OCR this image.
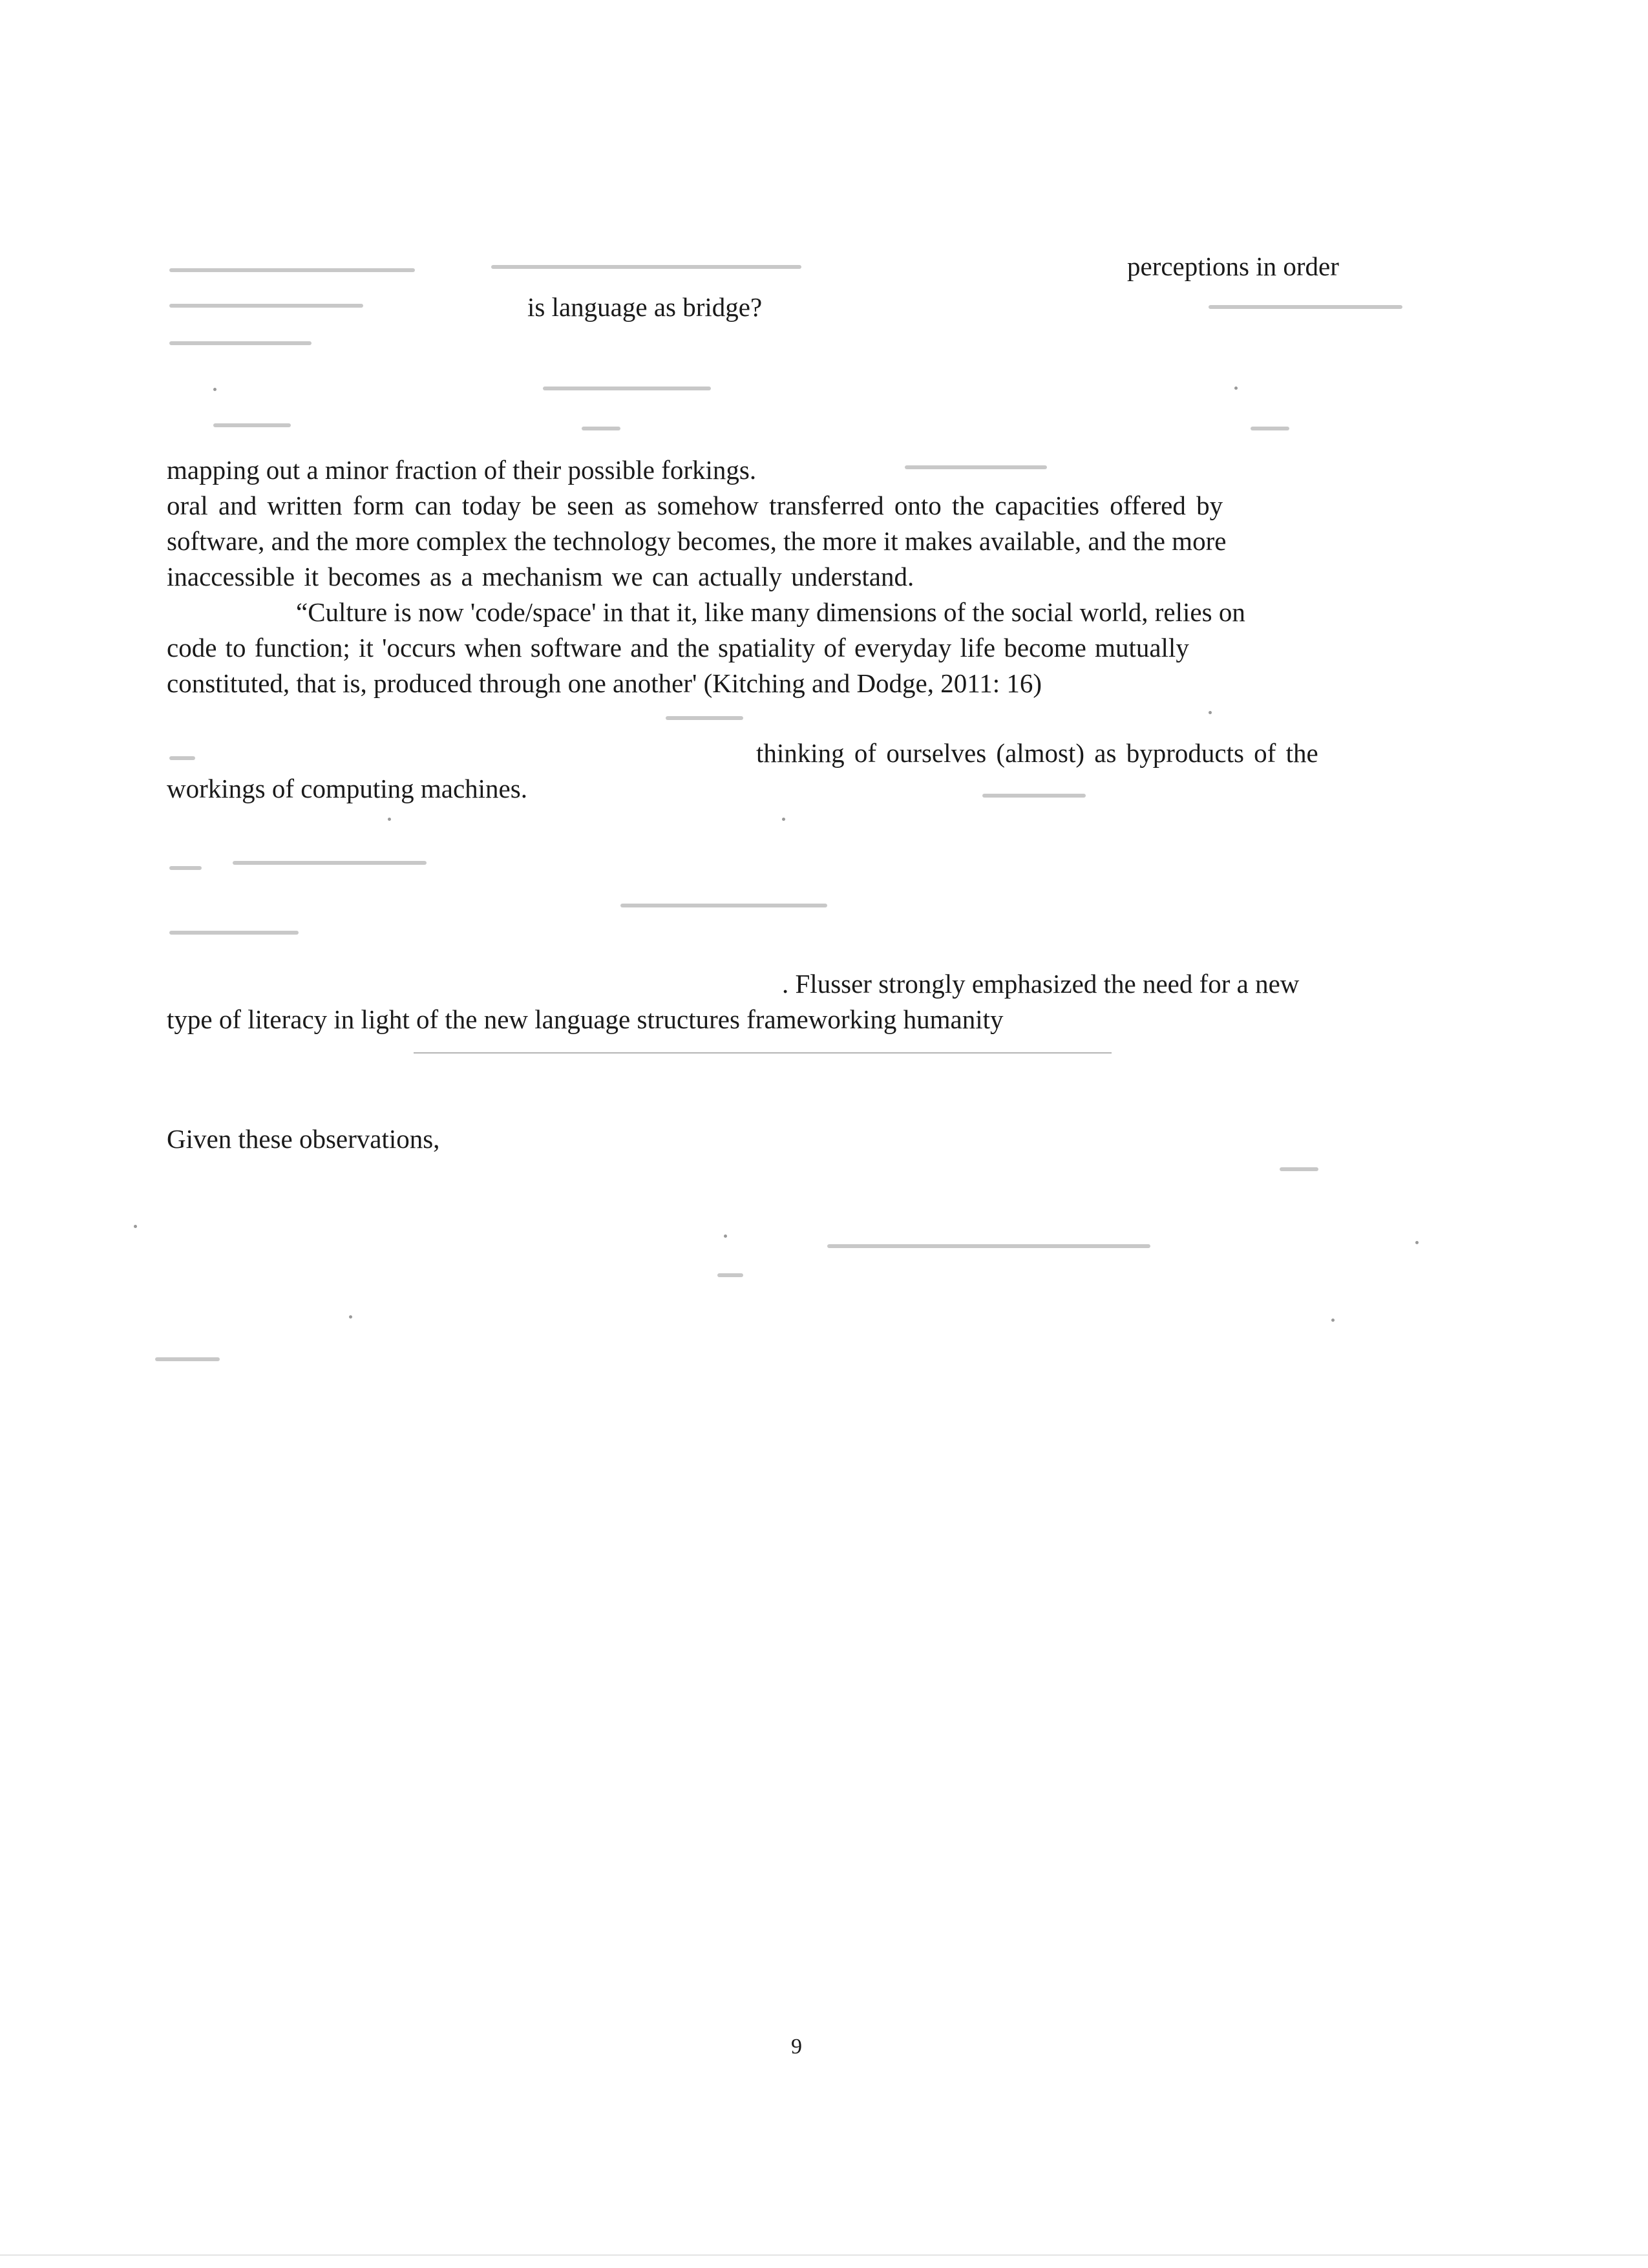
perceptions in order
is language as bridge?
mapping out a minor fraction of their possible forkings.
oral and written form can today be seen as somehow transferred onto the capacities offered by
software, and the more complex the technology becomes, the more it makes available, and the more
inaccessible it becomes as a mechanism we can actually understand.
“Culture is now 'code/space' in that it, like many dimensions of the social world, relies on
code to function; it 'occurs when software and the spatiality of everyday life become mutually
constituted, that is, produced through one another' (Kitching and Dodge, 2011: 16)
thinking of ourselves (almost) as byproducts of the
workings of computing machines.
. Flusser strongly emphasized the need for a new
type of literacy in light of the new language structures frameworking humanity
Given these observations,
9
